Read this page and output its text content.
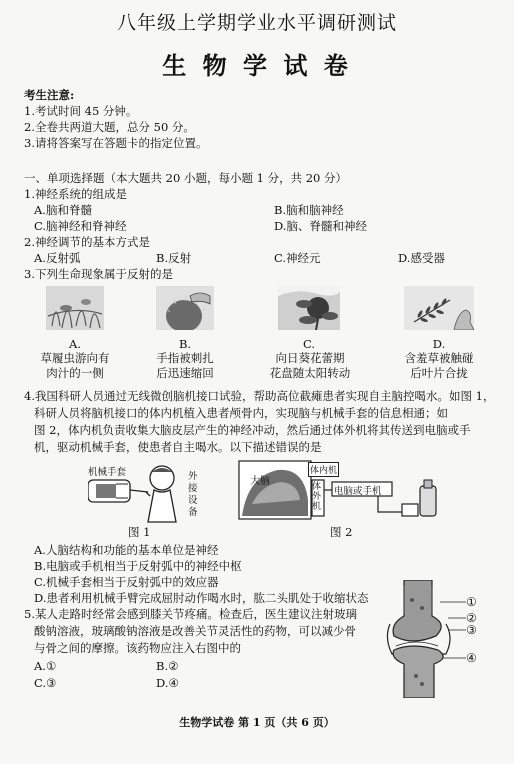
八年级上学期学业水平调研测试
生 物 学 试 卷
考生注意:
1.考试时间 45 分钟。
2.全卷共两道大题，总分 50 分。
3.请将答案写在答题卡的指定位置。
一、单项选择题（本大题共 20 小题，每小题 1 分，共 20 分）
1.神经系统的组成是
A.脑和脊髓	B.脑和脑神经
C.脑神经和脊神经	D.脑、脊髓和神经
2.神经调节的基本方式是
A.反射弧	B.反射	C.神经元	D.感受器
3.下列生命现象属于反射的是
A.
草履虫游向有
肉汁的一侧
B.
手指被刺扎
后迅速缩回
C.
向日葵花蕾期
花盘随太阳转动
D.
含羞草被触碰
后叶片合拢
4.我国科研人员通过无线微创脑机接口试验，帮助高位截瘫患者实现自主脑控喝水。如图 1，
科研人员将脑机接口的体内机植入患者颅骨内，实现脑与机械手套的信息相通；如
图 2，体内机负责收集大脑皮层产生的神经冲动，然后通过体外机将其传送到电脑或手
机，驱动机械手套，使患者自主喝水。以下描述错误的是
机械手套	外
接
设
备
图 1
体内机
大脑	体外机
电脑或手机
图 2
A.人脑结构和功能的基本单位是神经
B.电脑或手机相当于反射弧中的神经中枢
C.机械手套相当于反射弧中的效应器
D.患者利用机械手臂完成屈肘动作喝水时，肱二头肌处于收缩状态
5.某人走路时经常会感到膝关节疼痛。检查后，医生建议注射玻璃
酸钠溶液，玻璃酸钠溶液是改善关节灵活性的药物，可以减少骨
与骨之间的摩擦。该药物应注入右图中的
A.①	B.②
C.③	D.④
①
②
③
④
生物学试卷 第 1 页（共 6 页）
